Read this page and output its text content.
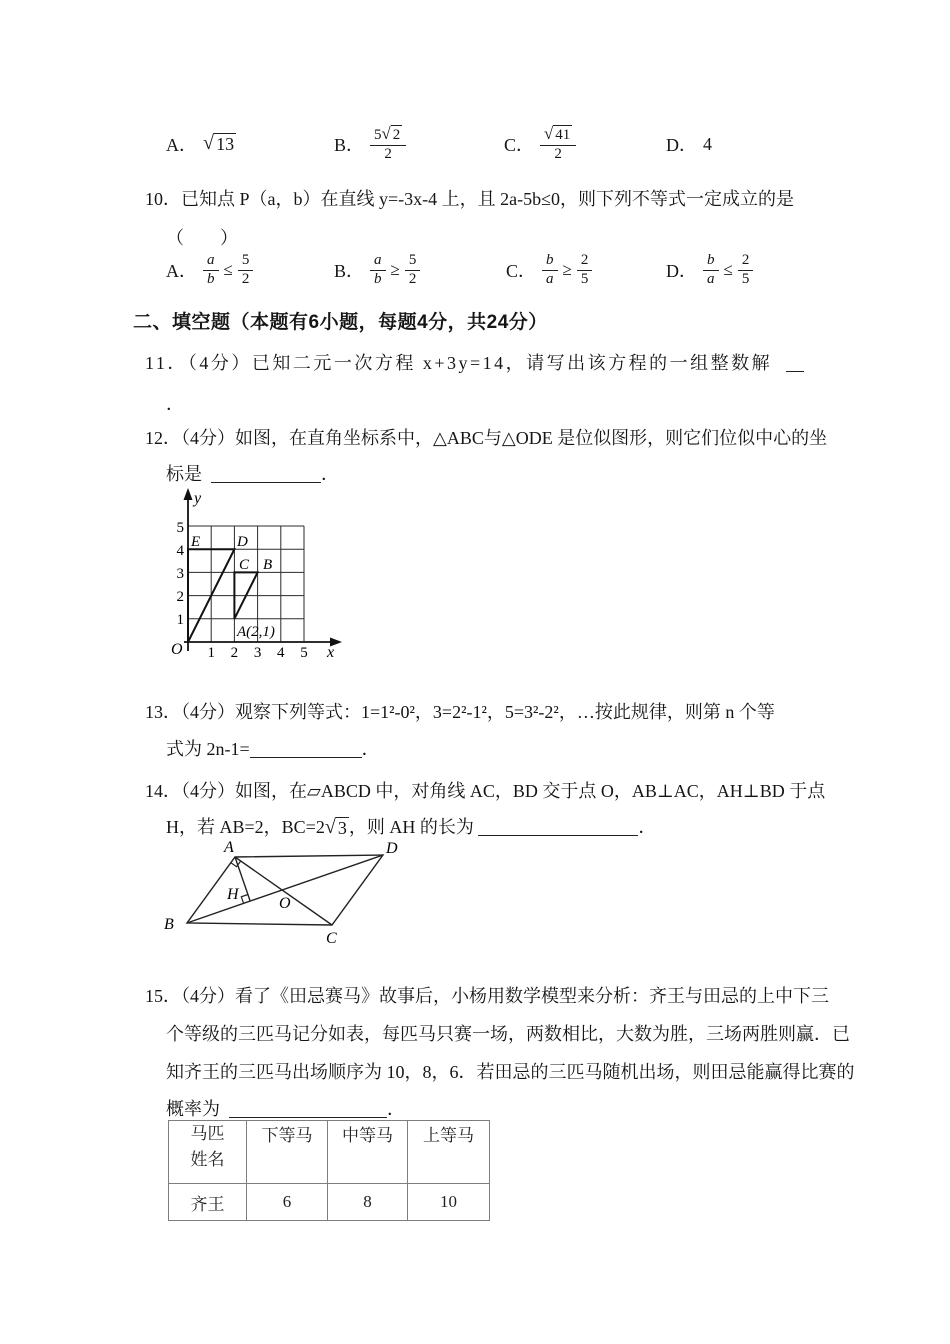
A． √ 13	B． $\frac{5 √ 2}{2}$	C． $\frac{√ 41}{2}$	D． 4
10．已知点 P（a，b）在直线 y=-3x-4 上，且 2a-5b≤0，则下列不等式一定成立的是
（　　）
A． $\frac{a}{b} \le \frac{5}{2}$	B． $\frac{a}{b} \ge \frac{5}{2}$	C． $\frac{b}{a} \ge \frac{2}{5}$	D． $\frac{b}{a} \le \frac{2}{5}$
二、填空题（本题有6小题，每题4分，共24分）
11．（4分）已知二元一次方程 x+3y=14，请写出该方程的一组整数解
．
12．（4分）如图，在直角坐标系中，△ABC与△ODE 是位似图形，则它们位似中心的坐
标是	．
1 2 3 4 5
1
2
3
4
5
E D
C B
A(2,1)
O
y
x
13．（4分）观察下列等式：1=1²-0²，3=2²-1²，5=3²-2²，…按此规律，则第 n 个等
式为 2n-1=	．
14．（4分）如图，在▱ABCD 中，对角线 AC，BD 交于点 O，AB⊥AC，AH⊥BD 于点
H，若 AB=2，BC=2 √ 3 ，则 AH 的长为	．
A	D
B
C
H
O
15．（4分）看了《田忌赛马》故事后，小杨用数学模型来分析：齐王与田忌的上中下三
个等级的三匹马记分如表，每匹马只赛一场，两数相比，大数为胜，三场两胜则赢．已
知齐王的三匹马出场顺序为 10，8，6．若田忌的三匹马随机出场，则田忌能赢得比赛的
概率为	．
马匹
姓名	下等马	中等马	上等马
齐王	6	8	10
